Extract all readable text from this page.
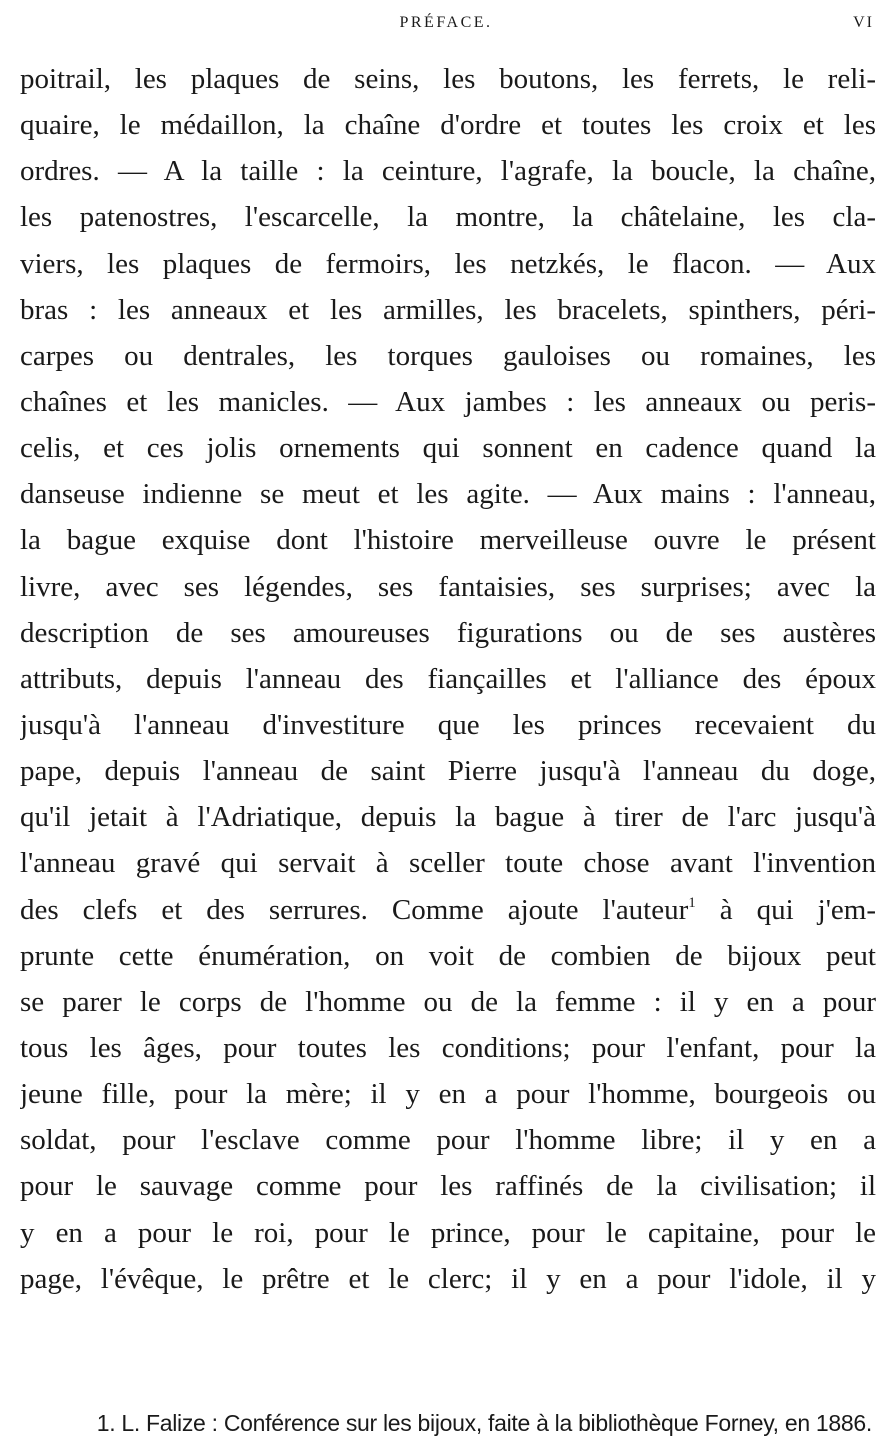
PRÉFACE.	VI
poitrail, les plaques de seins, les boutons, les ferrets, le reli-
quaire, le médaillon, la chaîne d'ordre et toutes les croix et les
ordres. — A la taille : la ceinture, l'agrafe, la boucle, la chaîne,
les patenostres, l'escarcelle, la montre, la châtelaine, les cla-
viers, les plaques de fermoirs, les netzkés, le flacon. — Aux
bras : les anneaux et les armilles, les bracelets, spinthers, péri-
carpes ou dentrales, les torques gauloises ou romaines, les
chaînes et les manicles. — Aux jambes : les anneaux ou peris-
celis, et ces jolis ornements qui sonnent en cadence quand la
danseuse indienne se meut et les agite. — Aux mains : l'anneau,
la bague exquise dont l'histoire merveilleuse ouvre le présent
livre, avec ses légendes, ses fantaisies, ses surprises; avec la
description de ses amoureuses figurations ou de ses austères
attributs, depuis l'anneau des fiançailles et l'alliance des époux
jusqu'à l'anneau d'investiture que les princes recevaient du
pape, depuis l'anneau de saint Pierre jusqu'à l'anneau du doge,
qu'il jetait à l'Adriatique, depuis la bague à tirer de l'arc jusqu'à
l'anneau gravé qui servait à sceller toute chose avant l'invention
des clefs et des serrures. Comme ajoute l'auteur$^1$ à qui j'em-
prunte cette énumération, on voit de combien de bijoux peut
se parer le corps de l'homme ou de la femme : il y en a pour
tous les âges, pour toutes les conditions; pour l'enfant, pour la
jeune fille, pour la mère; il y en a pour l'homme, bourgeois ou
soldat, pour l'esclave comme pour l'homme libre; il y en a
pour le sauvage comme pour les raffinés de la civilisation; il
y en a pour le roi, pour le prince, pour le capitaine, pour le
page, l'évêque, le prêtre et le clerc; il y en a pour l'idole, il y
1. L. Falize : Conférence sur les bijoux, faite à la bibliothèque Forney, en 1886.
